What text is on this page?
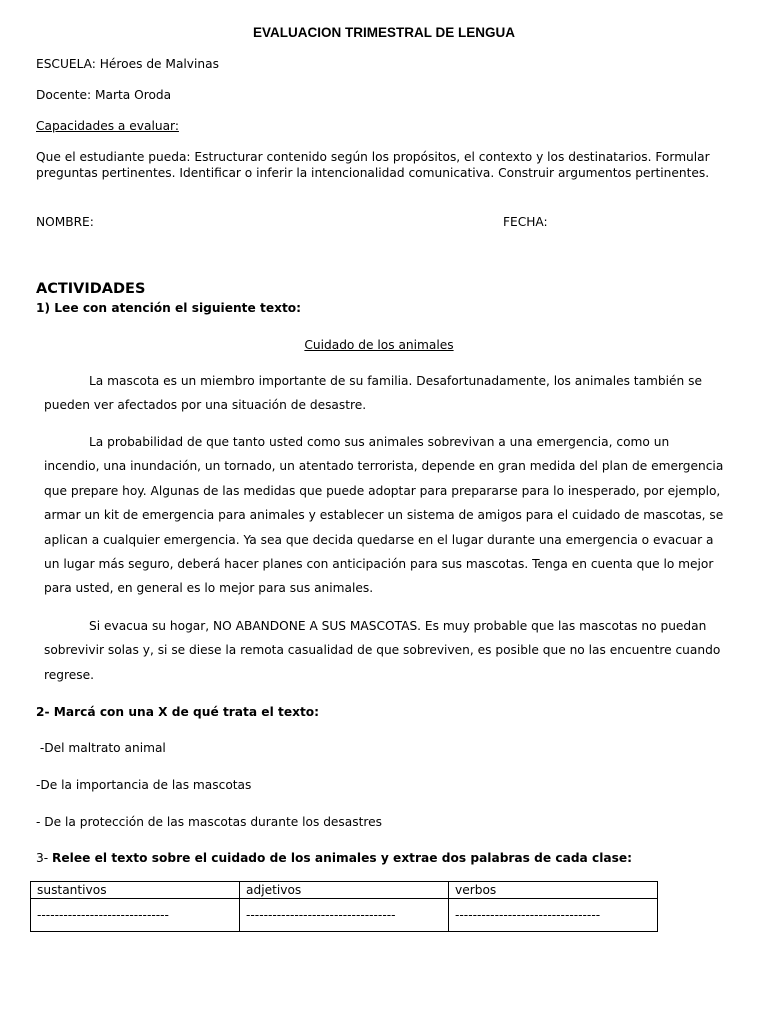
EVALUACION TRIMESTRAL DE LENGUA
ESCUELA: Héroes de Malvinas
Docente: Marta Oroda
Capacidades a evaluar:
Que el estudiante pueda: Estructurar contenido según los propósitos, el contexto y los destinatarios. Formular preguntas pertinentes. Identificar o inferir la intencionalidad comunicativa. Construir argumentos pertinentes.
NOMBRE:	FECHA:
ACTIVIDADES
1) Lee con atención el siguiente texto:
Cuidado de los animales
La mascota es un miembro importante de su familia. Desafortunadamente, los animales también se pueden ver afectados por una situación de desastre.
La probabilidad de que tanto usted como sus animales sobrevivan a una emergencia, como un incendio, una inundación, un tornado, un atentado terrorista, depende en gran medida del plan de emergencia que prepare hoy. Algunas de las medidas que puede adoptar para prepararse para lo inesperado, por ejemplo, armar un kit de emergencia para animales y establecer un sistema de amigos para el cuidado de mascotas, se aplican a cualquier emergencia. Ya sea que decida quedarse en el lugar durante una emergencia o evacuar a un lugar más seguro, deberá hacer planes con anticipación para sus mascotas. Tenga en cuenta que lo mejor para usted, en general es lo mejor para sus animales.
Si evacua su hogar, NO ABANDONE A SUS MASCOTAS. Es muy probable que las mascotas no puedan sobrevivir solas y, si se diese la remota casualidad de que sobreviven, es posible que no las encuentre cuando regrese.
2- Marcá con una X de qué trata el texto:
-Del maltrato animal
-De la importancia de las mascotas
- De la protección de las mascotas durante los desastres
3- Relee el texto sobre el cuidado de los animales y extrae dos palabras de cada clase:
sustantivos	adjetivos	verbos
------------------------------	----------------------------------	---------------------------------
